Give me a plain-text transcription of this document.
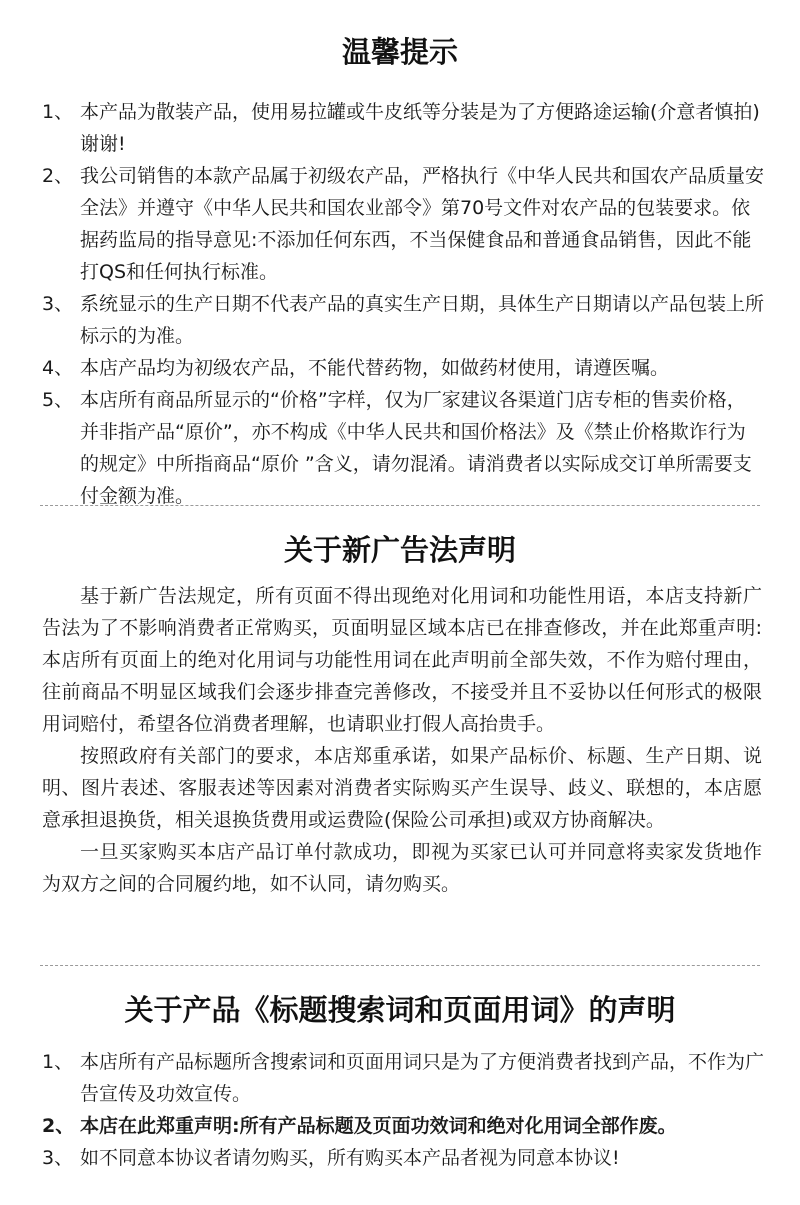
温馨提示
1、 本产品为散装产品，使用易拉罐或牛皮纸等分装是为了方便路途运输(介意者慎拍)谢谢!
2、 我公司销售的本款产品属于初级农产品，严格执行《中华人民共和国农产品质量安全法》并遵守《中华人民共和国农业部令》第70号文件对农产品的包装要求。依据药监局的指导意见:不添加任何东西，不当保健食品和普通食品销售，因此不能打QS和任何执行标准。
3、 系统显示的生产日期不代表产品的真实生产日期，具体生产日期请以产品包装上所标示的为准。
4、 本店产品均为初级农产品，不能代替药物，如做药材使用，请遵医嘱。
5、 本店所有商品所显示的“价格”字样，仅为厂家建议各渠道门店专柜的售卖价格，并非指产品“原价”，亦不构成《中华人民共和国价格法》及《禁止价格欺诈行为的规定》中所指商品“原价 ”含义，请勿混淆。请消费者以实际成交订单所需要支付金额为准。
关于新广告法声明

基于新广告法规定，所有页面不得出现绝对化用词和功能性用语，本店支持新广告法为了不影响消费者正常购买，页面明显区域本店已在排查修改，并在此郑重声明:本店所有页面上的绝对化用词与功能性用词在此声明前全部失效，不作为赔付理由，往前商品不明显区域我们会逐步排查完善修改，不接受并且不妥协以任何形式的极限用词赔付，希望各位消费者理解，也请职业打假人高抬贵手。

按照政府有关部门的要求，本店郑重承诺，如果产品标价、标题、生产日期、说明、图片表述、客服表述等因素对消费者实际购买产生误导、歧义、联想的，本店愿意承担退换货，相关退换货费用或运费险(保险公司承担)或双方协商解决。

一旦买家购买本店产品订单付款成功，即视为买家已认可并同意将卖家发货地作为双方之间的合同履约地，如不认同，请勿购买。

关于产品《标题搜索词和页面用词》的声明
1、 本店所有产品标题所含搜索词和页面用词只是为了方便消费者找到产品，不作为广告宣传及功效宣传。
2、 本店在此郑重声明:所有产品标题及页面功效词和绝对化用词全部作废。
3、 如不同意本协议者请勿购买，所有购买本产品者视为同意本协议!
